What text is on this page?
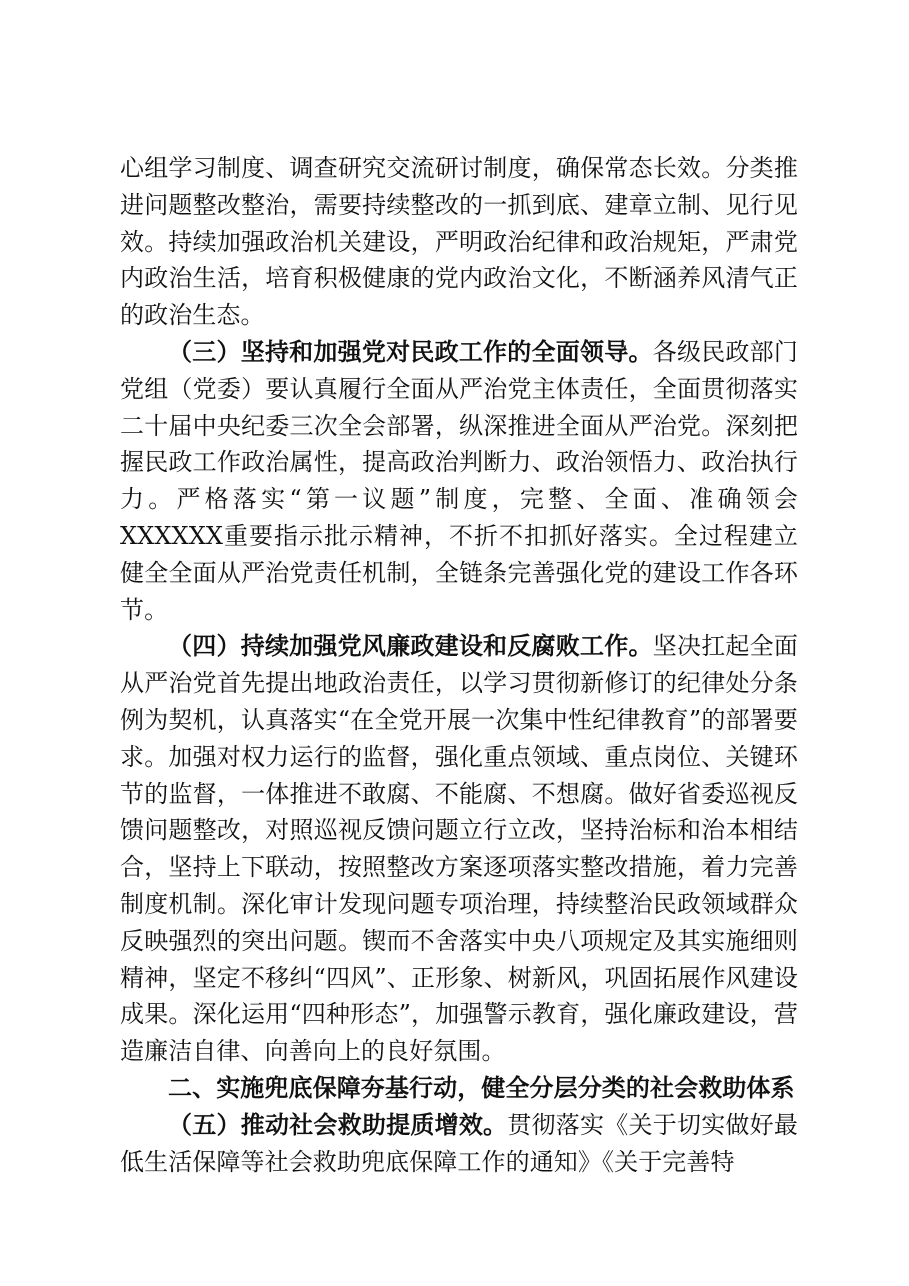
心组学习制度、调查研究交流研讨制度，确保常态长效。分类推进问题整改整治，需要持续整改的一抓到底、建章立制、见行见效。持续加强政治机关建设，严明政治纪律和政治规矩，严肃党内政治生活，培育积极健康的党内政治文化，不断涵养风清气正的政治生态。

（三）坚持和加强党对民政工作的全面领导。各级民政部门党组（党委）要认真履行全面从严治党主体责任，全面贯彻落实二十届中央纪委三次全会部署，纵深推进全面从严治党。深刻把握民政工作政治属性，提高政治判断力、政治领悟力、政治执行力。严格落实“第一议题”制度，完整、全面、准确领会XXXXXX重要指示批示精神，不折不扣抓好落实。全过程建立健全全面从严治党责任机制，全链条完善强化党的建设工作各环节。

（四）持续加强党风廉政建设和反腐败工作。坚决扛起全面从严治党首先提出地政治责任，以学习贯彻新修订的纪律处分条例为契机，认真落实“在全党开展一次集中性纪律教育”的部署要求。加强对权力运行的监督，强化重点领域、重点岗位、关键环节的监督，一体推进不敢腐、不能腐、不想腐。做好省委巡视反馈问题整改，对照巡视反馈问题立行立改，坚持治标和治本相结合，坚持上下联动，按照整改方案逐项落实整改措施，着力完善制度机制。深化审计发现问题专项治理，持续整治民政领域群众反映强烈的突出问题。锲而不舍落实中央八项规定及其实施细则精神，坚定不移纠“四风”、正形象、树新风，巩固拓展作风建设成果。深化运用“四种形态”，加强警示教育，强化廉政建设，营造廉洁自律、向善向上的良好氛围。

二、实施兜底保障夯基行动，健全分层分类的社会救助体系

（五）推动社会救助提质增效。贯彻落实《关于切实做好最低生活保障等社会救助兜底保障工作的通知》《关于完善特
